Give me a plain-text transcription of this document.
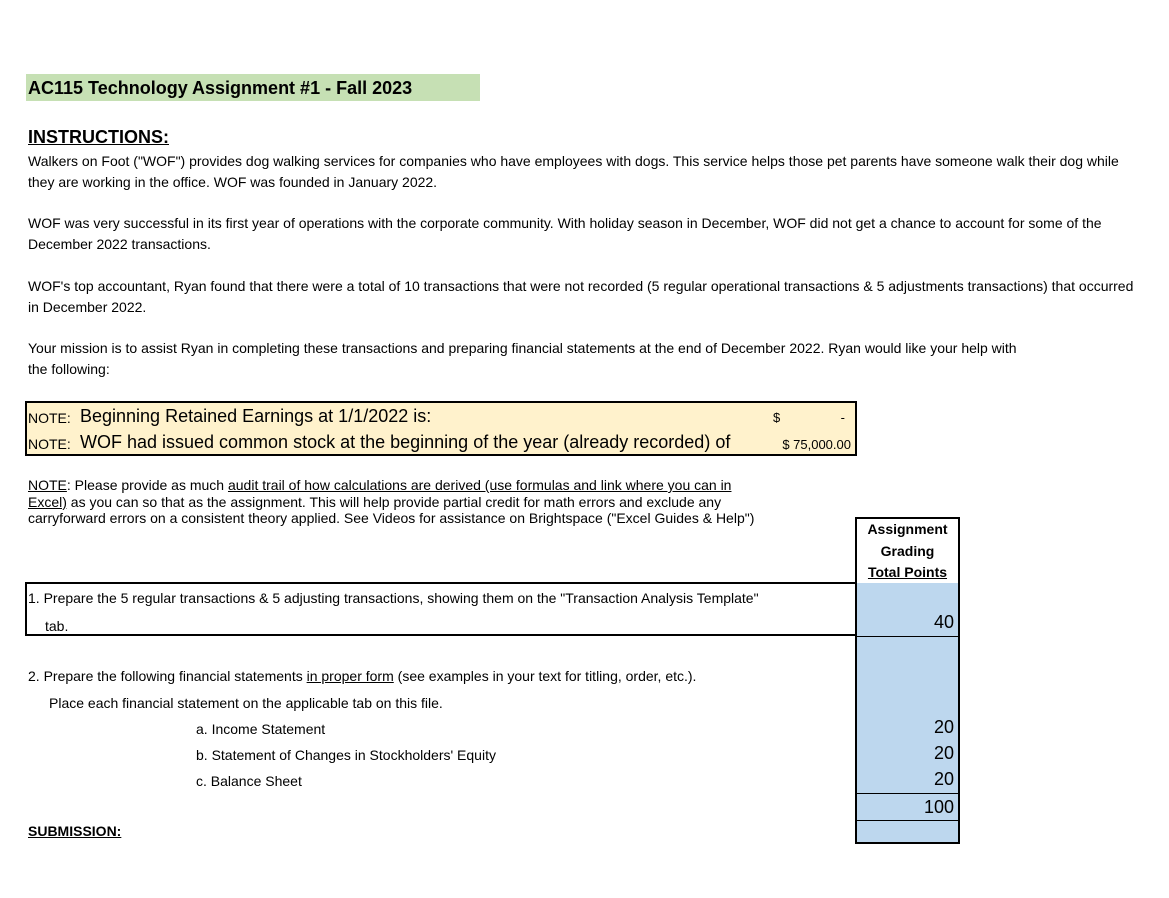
AC115 Technology Assignment #1 - Fall 2023
INSTRUCTIONS:
Walkers on Foot ("WOF") provides dog walking services for companies who have employees with dogs. This service helps those pet parents have someone walk their dog while they are working in the office. WOF was founded in January 2022.
WOF was very successful in its first year of operations with the corporate community. With holiday season in December, WOF did not get a chance to account for some of the December 2022 transactions.
WOF's top accountant, Ryan found that there were a total of 10 transactions that were not recorded (5 regular operational transactions & 5 adjustments transactions) that occurred in December 2022.
Your mission is to assist Ryan in completing these transactions and preparing financial statements at the end of December 2022. Ryan would like your help with the following:
NOTE: Beginning Retained Earnings at 1/1/2022 is:	$	-
NOTE: WOF had issued common stock at the beginning of the year (already recorded) of	$ 75,000.00
NOTE: Please provide as much audit trail of how calculations are derived (use formulas and link where you can in Excel) as you can so that as the assignment. This will help provide partial credit for math errors and exclude any carryforward errors on a consistent theory applied. See Videos for assistance on Brightspace ("Excel Guides & Help")
Assignment
Grading
Total Points
1. Prepare the 5 regular transactions & 5 adjusting transactions, showing them on the "Transaction Analysis Template"
tab.	40
2. Prepare the following financial statements in proper form (see examples in your text for titling, order, etc.).
Place each financial statement on the applicable tab on this file.
a. Income Statement	20
b. Statement of Changes in Stockholders' Equity	20
c. Balance Sheet	20
100
SUBMISSION:
